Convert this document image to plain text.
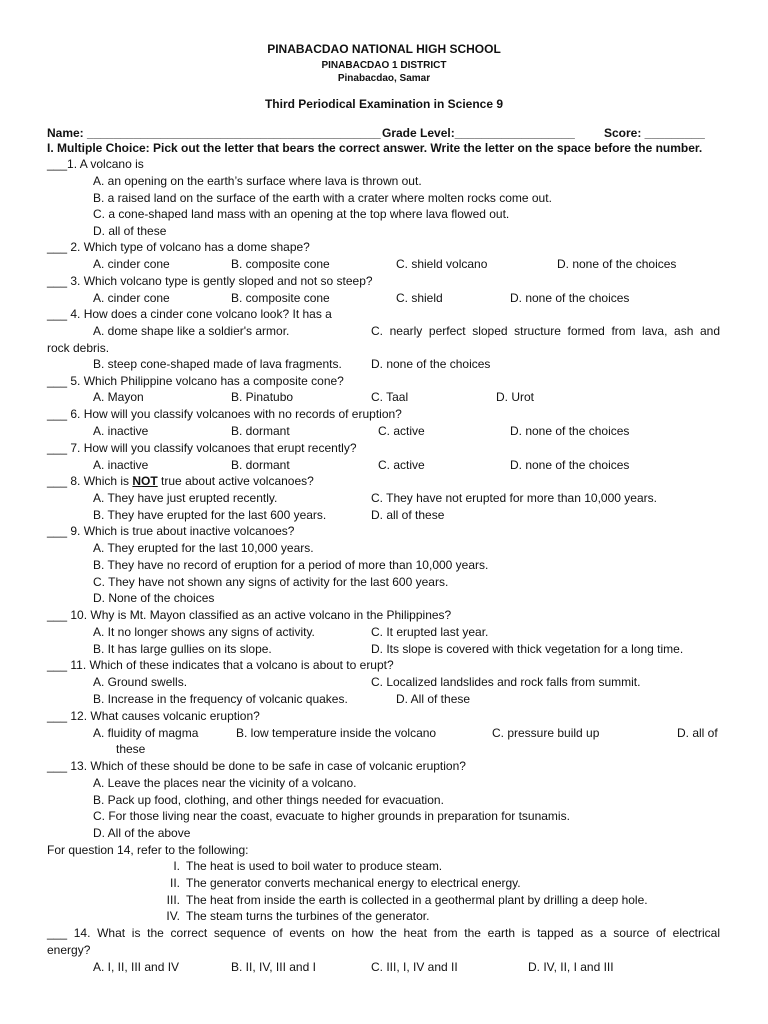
PINABACDAO NATIONAL HIGH SCHOOL
PINABACDAO 1 DISTRICT
Pinabacdao, Samar
Third Periodical Examination in Science 9
Name: ____________________________________________ Grade Level:__________________ Score: _________
I. Multiple Choice: Pick out the letter that bears the correct answer. Write the letter on the space before the number.
___1. A volcano is
A. an opening on the earth’s surface where lava is thrown out.
B. a raised land on the surface of the earth with a crater where molten rocks come out.
C. a cone-shaped land mass with an opening at the top where lava flowed out.
D. all of these
___ 2. Which type of volcano has a dome shape?
A. cinder cone	B. composite cone	C. shield volcano	D. none of the choices
___ 3. Which volcano type is gently sloped and not so steep?
A. cinder cone	B. composite cone	C. shield	D. none of the choices
___ 4. How does a cinder cone volcano look? It has a
A. dome shape like a soldier's armor.	C. nearly perfect sloped structure formed from lava, ash and
rock debris.
B. steep cone-shaped made of lava fragments. D. none of the choices
___ 5. Which Philippine volcano has a composite cone?
A. Mayon	B. Pinatubo	C. Taal	D. Urot
___ 6. How will you classify volcanoes with no records of eruption?
A. inactive	B. dormant	C. active	D. none of the choices
___ 7. How will you classify volcanoes that erupt recently?
A. inactive	B. dormant	C. active	D. none of the choices
___ 8. Which is NOT true about active volcanoes?
A. They have just erupted recently.	C. They have not erupted for more than 10,000 years.
B. They have erupted for the last 600 years.	D. all of these
___ 9. Which is true about inactive volcanoes?
A. They erupted for the last 10,000 years.
B. They have no record of eruption for a period of more than 10,000 years.
C. They have not shown any signs of activity for the last 600 years.
D. None of the choices
___ 10. Why is Mt. Mayon classified as an active volcano in the Philippines?
A. It no longer shows any signs of activity.	C. It erupted last year.
B. It has large gullies on its slope.	D. Its slope is covered with thick vegetation for a long time.
___ 11. Which of these indicates that a volcano is about to erupt?
A. Ground swells.	C. Localized landslides and rock falls from summit.
B. Increase in the frequency of volcanic quakes.	D. All of these
___ 12. What causes volcanic eruption?
A. fluidity of magma	B. low temperature inside the volcano	C. pressure build up	D. all of
these
___ 13. Which of these should be done to be safe in case of volcanic eruption?
A. Leave the places near the vicinity of a volcano.
B. Pack up food, clothing, and other things needed for evacuation.
C. For those living near the coast, evacuate to higher grounds in preparation for tsunamis.
D. All of the above
For question 14, refer to the following:
I. The heat is used to boil water to produce steam.
II. The generator converts mechanical energy to electrical energy.
III. The heat from inside the earth is collected in a geothermal plant by drilling a deep hole.
IV. The steam turns the turbines of the generator.
___ 14. What is the correct sequence of events on how the heat from the earth is tapped as a source of electrical
energy?
A. I, II, III and IV	B. II, IV, III and I	C. III, I, IV and II	D. IV, II, I and III
